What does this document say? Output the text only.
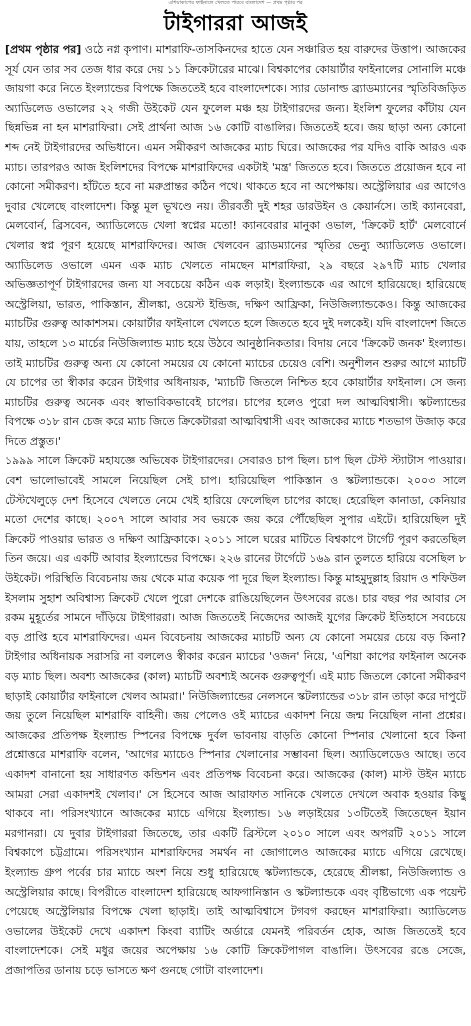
এশিয়াকাপের ফাইনালে খেলতে পারবে বাংলাদেশ — প্রথম পৃষ্ঠার পর
টাইগাররা আজই

[প্রথম পৃষ্ঠার পর] ওঠে নগ্ন কৃপাণ। মাশরাফি-তাসকিনদের হাতে যেন সঞ্চারিত হয় বারুদের উত্তাপ। আজকের সূর্য যেন তার সব তেজ ধার করে দেয় ১১ ক্রিকেটারের মাঝে। বিশ্বকাপের কোয়ার্টার ফাইনালের সোনালি মঞ্চে জায়গা করে নিতে ইংল্যান্ডের বিপক্ষে জিততেই হবে বাংলাদেশকে। স্যার ডোনাল্ড ব্র্যাডম্যানের স্মৃতিবিজড়িত অ্যাডিলেড ওভালের ২২ গজী উইকেট যেন ফুলেল মঞ্চ হয় টাইগারদের জন্য। ইংলিশ ফুলের কাঁটায় যেন ছিন্নভিন্ন না হন মাশরাফিরা। সেই প্রার্থনা আজ ১৬ কোটি বাঙালির। জিততেই হবে। জয় ছাড়া অন্য কোনো শব্দ নেই টাইগারদের অভিধানে। এমন সমীকরণ আজকের ম্যাচ ঘিরে। আজকের পর যদিও বাকি আরও এক ম্যাচ। তারপরও আজ ইংলিশদের বিপক্ষে মাশরাফিদের একটাই 'মন্ত্র' জিততে হবে। জিততে প্রয়োজন হবে না কোনো সমীকরণ। হাঁটতে হবে না মরুপ্রান্তর কঠিন পথে। থাকতে হবে না অপেক্ষায়। অস্ট্রেলিয়ার এর আগেও দুবার খেলেছে বাংলাদেশ। কিন্তু মূল ভূখণ্ডে নয়। তীরবর্তী দুই শহর ডারউইন ও কেয়ার্নসে। তাই ক্যানবেরা, মেলবোর্ন, ব্রিসবেন, অ্যাডিলেডে খেলা স্বপ্নের মতো! ক্যানবেরার মানুকা ওভাল, 'ক্রিকেট হার্ট' মেলবোর্নে খেলার স্বপ্ন পূরণ হয়েছে মাশরাফিদের। আজ খেলবেন ব্র্যাডম্যানের স্মৃতির ভেন্যু অ্যাডিলেড ওভালে। অ্যাডিলেড ওভালে এমন এক ম্যাচ খেলতে নামছেন মাশরাফিরা, ২৯ বছরে ২৯৭টি ম্যাচ খেলার অভিজ্ঞতাপূর্ণ টাইগারদের জন্য যা সবচেয়ে কঠিন এক লড়াই। ইংল্যান্ডকে এর আগে হারিয়েছে। হারিয়েছে অস্ট্রেলিয়া, ভারত, পাকিস্তান, শ্রীলঙ্কা, ওয়েস্ট ইন্ডিজ, দক্ষিণ আফ্রিকা, নিউজিল্যান্ডকেও। কিন্তু আজকের ম্যাচটির গুরুত্ব আকাশসম। কোয়ার্টার ফাইনালে খেলতে হলে জিততে হবে দুই দলকেই। যদি বাংলাদেশ জিতে যায়, তাহলে ১৩ মার্চের নিউজিল্যান্ড ম্যাচ হয়ে উঠবে আনুষ্ঠানিকতার। বিদায় নেবে 'ক্রিকেট জনক' ইংল্যান্ড। তাই ম্যাচটির গুরুত্ব অন্য যে কোনো সময়ের যে কোনো ম্যাচের চেয়েও বেশি। অনুশীলন শুরুর আগে ম্যাচটি যে চাপের তা স্বীকার করেন টাইগার অধিনায়ক, 'ম্যাচটি জিতলে নিশ্চিত হবে কোয়ার্টার ফাইনাল। সে জন্য ম্যাচটির গুরুত্ব অনেক এবং স্বাভাবিকভাবেই চাপের। চাপের হলেও পুরো দল আত্মবিশ্বাসী। স্কটল্যান্ডের বিপক্ষে ৩১৮ রান চেজ করে ম্যাচ জিতে ক্রিকেটাররা আত্মবিশ্বাসী এবং আজকের ম্যাচে শতভাগ উজাড় করে দিতে প্রস্তুত।'

১৯৯৯ সালে ক্রিকেট মহাযজ্ঞে অভিষেক টাইগারদের। সেবারও চাপ ছিল। চাপ ছিল টেস্ট স্ট্যাটাস পাওয়ার। বেশ ভালোভাবেই সামলে নিয়েছিল সেই চাপ। হারিয়েছিল পাকিস্তান ও স্কটল্যান্ডকে। ২০০৩ সালে টেস্টখেলুড়ে দেশ হিসেবে খেলতে নেমে খেই হারিয়ে ফেলেছিল চাপের কাছে। হেরেছিল কানাডা, কেনিয়ার মতো দেশের কাছে। ২০০৭ সালে আবার সব ভয়কে জয় করে পৌঁছেছিল সুপার এইটে। হারিয়েছিল দুই ক্রিকেট পাওয়ার ভারত ও দক্ষিণ আফ্রিকাকে। ২০১১ সালে ঘরের মাটিতে বিশ্বকাপে টার্গেট পূরণ করতেছিল তিন জয়ে। এর একটি আবার ইংল্যান্ডের বিপক্ষে। ২২৬ রানের টার্গেটে ১৬৯ রান তুলতে হারিয়ে বসেছিল ৮ উইকেট। পরিস্থিতি বিবেচনায় জয় থেকে মাত্র কয়েক পা দূরে ছিল ইংল্যান্ড। কিন্তু মাহমুদুল্লাহ রিয়াদ ও শফিউল ইসলাম সুহাশ অবিশ্বাস্য ক্রিকেট খেলে পুরো দেশকে রাঙিয়েছিলেন উৎসবের রঙে। চার বছর পর আবার সে রকম মুহূর্তের সামনে দাঁড়িয়ে টাইগাররা। আজ জিততেই নিজেদের আজই যুগের ক্রিকেট ইতিহাসে সবচেয়ে বড় প্রাপ্তি হবে মাশরাফিদের। এমন বিবেচনায় আজকের ম্যাচটি অন্য যে কোনো সময়ের চেয়ে বড় কিনা? টাইগার অধিনায়ক সরাসরি না বললেও স্বীকার করেন ম্যাচের 'ওজন' নিয়ে, 'এশিয়া কাপের ফাইনাল অনেক বড় ম্যাচ ছিল। অবশ্য আজকের (কাল) ম্যাচটি অবশ্যই অনেক গুরুত্বপূর্ণ। এই ম্যাচ জিতলে কোনো সমীকরণ ছাড়াই কোয়ার্টার ফাইনালে খেলব আমরা।' নিউজিল্যান্ডের নেলসনে স্কটল্যান্ডের ৩১৮ রান তাড়া করে দাপুটে জয় তুলে নিয়েছিল মাশরাফি বাহিনী। জয় পেলেও ওই ম্যাচের একাদশ নিয়ে জন্ম নিয়েছিল নানা প্রশ্নের। আজকের প্রতিপক্ষ ইংল্যান্ড স্পিনের বিপক্ষে দুর্বল ভাবনায় বাড়তি কোনো স্পিনার খেলানো হবে কিনা প্রশ্নোত্তরে মাশরাফি বলেন, 'আগের ম্যাচেও স্পিনার খেলানোর সম্ভাবনা ছিল। অ্যাডিলেডেও আছে। তবে একাদশ বানানো হয় সাধারণত কন্ডিশন এবং প্রতিপক্ষ বিবেচনা করে। আজকের (কাল) মাস্ট উইন ম্যাচে আমরা সেরা একাদশই খেলাব।' সে হিসেবে আজ আরাফাত সানিকে খেলতে দেখলে অবাক হওয়ার কিছু থাকবে না। পরিসংখ্যানে আজকের ম্যাচে এগিয়ে ইংল্যান্ড। ১৬ লড়াইয়ের ১৩টিতেই জিতেছেন ইয়ান মরগানরা। যে দুবার টাইগাররা জিতেছে, তার একটি ব্রিস্টলে ২০১০ সালে এবং অপরটি ২০১১ সালে বিশ্বকাপে চট্টগ্রামে। পরিসংখ্যান মাশরাফিদের সমর্থন না জোগালেও আজকের ম্যাচে এগিয়ে রেখেছে। ইংল্যান্ড গ্রুপ পর্বের চার ম্যাচে অংশ নিয়ে শুধু হারিয়েছে স্কটল্যান্ডকে, হেরেছে শ্রীলঙ্কা, নিউজিল্যান্ড ও অস্ট্রেলিয়ার কাছে। বিপরীতে বাংলাদেশ হারিয়েছে আফগানিস্তান ও স্কটল্যান্ডকে এবং বৃষ্টিভাগ্যে এক পয়েন্ট পেয়েছে অস্ট্রেলিয়ার বিপক্ষে খেলা ছাড়াই। তাই আত্মবিশ্বাসে টগবগ করছেন মাশরাফিরা। অ্যাডিলেড ওভালের উইকেট দেখে একাদশ কিংবা ব্যাটিং অর্ডারে যেমনই পরিবর্তন হোক, আজ জিততেই হবে বাংলাদেশকে। সেই মধুর জয়ের অপেক্ষায় ১৬ কোটি ক্রিকেটপাগল বাঙালি। উৎসবের রঙে সেজে, প্রজাপতির ডানায় চড়ে ভাসতে ক্ষণ গুনছে গোটা বাংলাদেশ।
